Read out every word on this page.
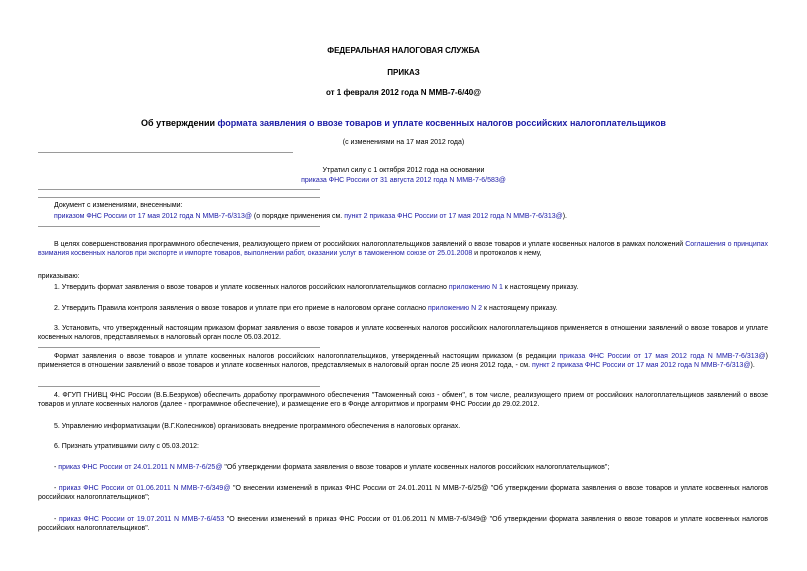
ФЕДЕРАЛЬНАЯ НАЛОГОВАЯ СЛУЖБА
ПРИКАЗ
от 1 февраля 2012 года N ММВ-7-6/40@
Об утверждении формата заявления о ввозе товаров и уплате косвенных налогов российских налогоплательщиков
(с изменениями на 17 мая 2012 года)
Утратил силу с 1 октября 2012 года на основании
приказа ФНС России от 31 августа 2012 года N ММВ-7-6/583@
Документ с изменениями, внесенными:
приказом ФНС России от 17 мая 2012 года N ММВ-7-6/313@ (о порядке применения см. пункт 2 приказа ФНС России от 17 мая 2012 года N ММВ-7-6/313@).
В целях совершенствования программного обеспечения, реализующего прием от российских налогоплательщиков заявлений о ввозе товаров и уплате косвенных налогов в рамках положений Соглашения о принципах взимания косвенных налогов при экспорте и импорте товаров, выполнении работ, оказании услуг в таможенном союзе от 25.01.2008 и протоколов к нему,
приказываю:
1. Утвердить формат заявления о ввозе товаров и уплате косвенных налогов российских налогоплательщиков согласно приложению N 1 к настоящему приказу.
2. Утвердить Правила контроля заявления о ввозе товаров и уплате при его приеме в налоговом органе согласно приложению N 2 к настоящему приказу.
3. Установить, что утвержденный настоящим приказом формат заявления о ввозе товаров и уплате косвенных налогов российских налогоплательщиков применяется в отношении заявлений о ввозе товаров и уплате косвенных налогов, представляемых в налоговый орган после 05.03.2012.
Формат заявления о ввозе товаров и уплате косвенных налогов российских налогоплательщиков, утвержденный настоящим приказом (в редакции приказа ФНС России от 17 мая 2012 года N ММВ-7-6/313@) применяется в отношении заявлений о ввозе товаров и уплате косвенных налогов, представляемых в налоговый орган после 25 июня 2012 года, - см. пункт 2 приказа ФНС России от 17 мая 2012 года N ММВ-7-6/313@).
4. ФГУП ГНИВЦ ФНС России (В.Б.Безруков) обеспечить доработку программного обеспечения "Таможенный союз - обмен", в том числе, реализующего прием от российских налогоплательщиков заявлений о ввозе товаров и уплате косвенных налогов (далее - программное обеспечение), и размещение его в Фонде алгоритмов и программ ФНС России до 29.02.2012.
5. Управлению информатизации (В.Г.Колесников) организовать внедрение программного обеспечения в налоговых органах.
6. Признать утратившими силу с 05.03.2012:
- приказ ФНС России от 24.01.2011 N ММВ-7-6/25@ "Об утверждении формата заявления о ввозе товаров и уплате косвенных налогов российских налогоплательщиков";
- приказ ФНС России от 01.06.2011 N ММВ-7-6/349@ "О внесении изменений в приказ ФНС России от 24.01.2011 N ММВ-7-6/25@ "Об утверждении формата заявления о ввозе товаров и уплате косвенных налогов российских налогоплательщиков";
- приказ ФНС России от 19.07.2011 N ММВ-7-6/453 "О внесении изменений в приказ ФНС России от 01.06.2011 N ММВ-7-6/349@ "Об утверждении формата заявления о ввозе товаров и уплате косвенных налогов российских налогоплательщиков".
